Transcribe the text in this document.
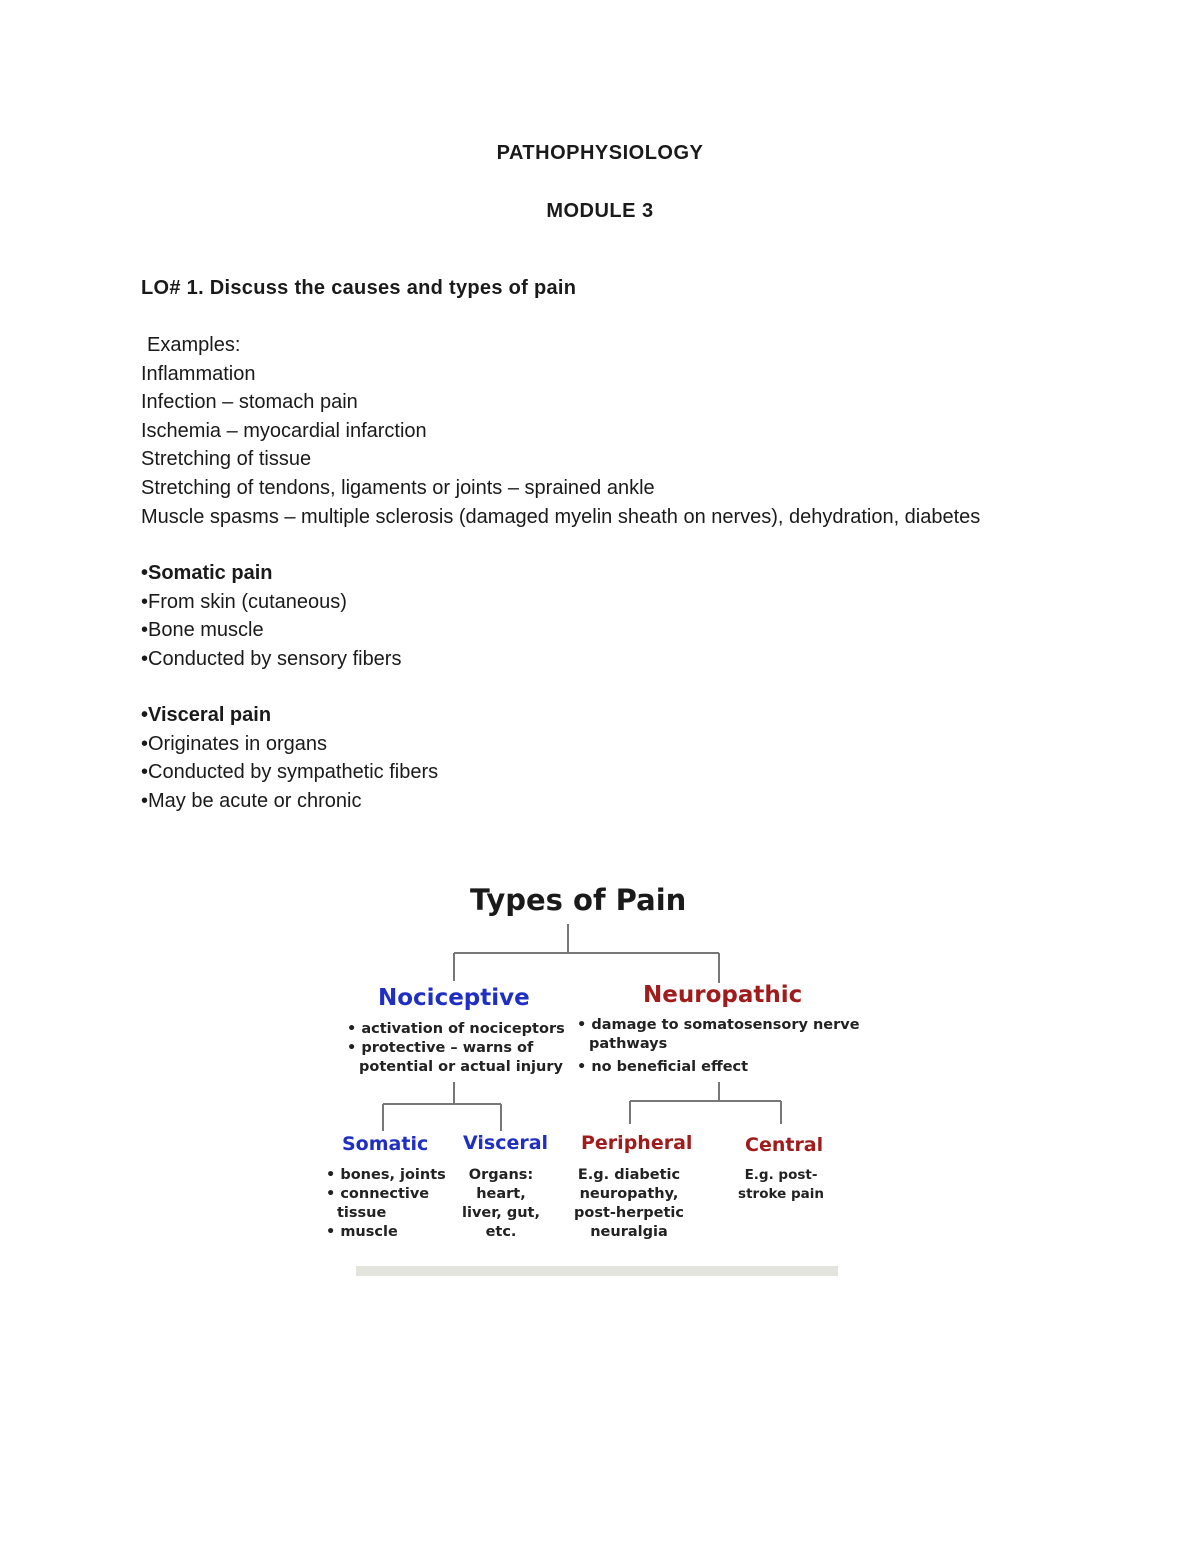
PATHOPHYSIOLOGY
MODULE 3
LO# 1. Discuss the causes and types of pain
Examples:
Inflammation
Infection – stomach pain
Ischemia – myocardial infarction
Stretching of tissue
Stretching of tendons, ligaments or joints – sprained ankle
Muscle spasms – multiple sclerosis (damaged myelin sheath on nerves), dehydration, diabetes
•Somatic pain
•From skin (cutaneous)
•Bone muscle
•Conducted by sensory fibers
•Visceral pain
•Originates in organs
•Conducted by sympathetic fibers
•May be acute or chronic
Types of Pain
Nociceptive
• activation of nociceptors
• protective – warns of
potential or actual injury
Neuropathic
• damage to somatosensory nerve
pathways
• no beneficial effect
Somatic
• bones, joints
• connective
tissue
• muscle
Visceral
Organs:
heart,
liver, gut,
etc.
Peripheral
E.g. diabetic
neuropathy,
post-herpetic
neuralgia
Central
E.g. post-
stroke pain
